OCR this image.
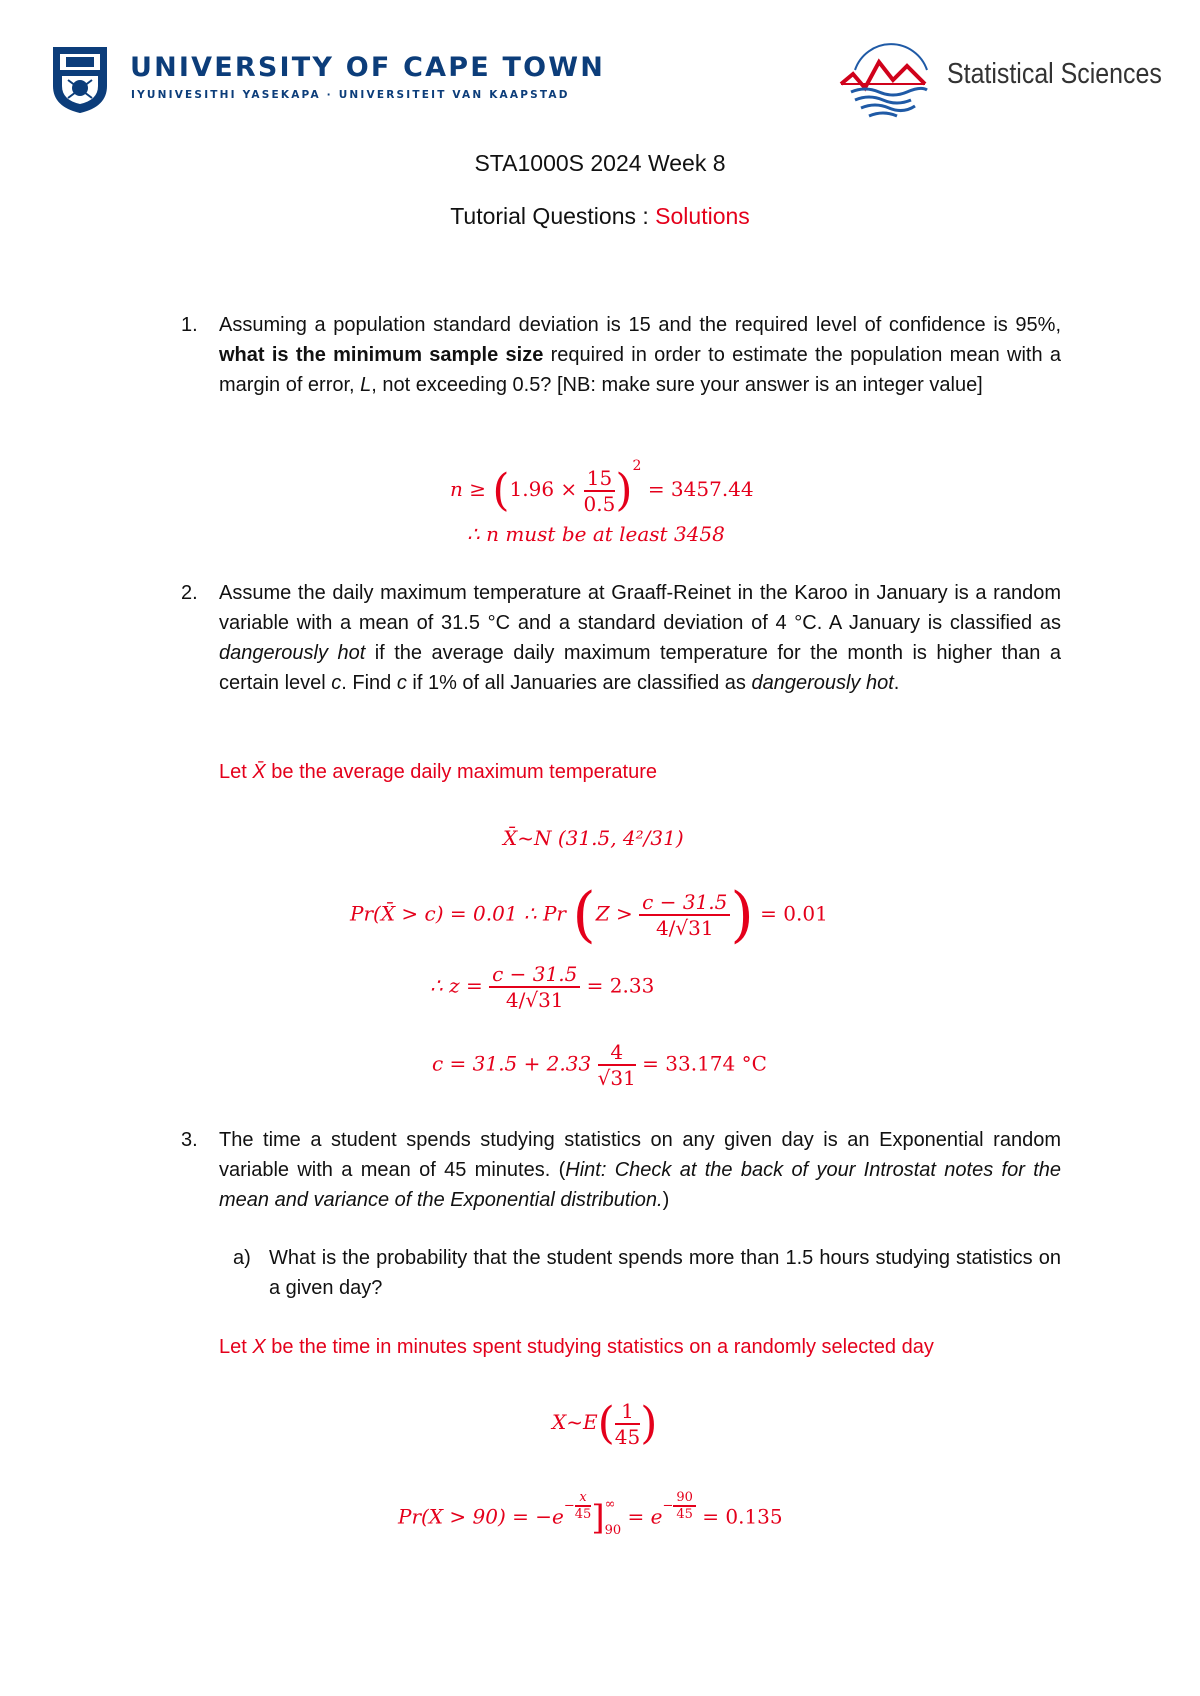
UNIVERSITY OF CAPE TOWN
IYUNIVESITHI YASEKAPA · UNIVERSITEIT VAN KAAPSTAD
Statistical Sciences
STA1000S 2024 Week 8
Tutorial Questions : Solutions
1. Assuming a population standard deviation is 15 and the required level of confidence is 95%, what is the minimum sample size required in order to estimate the population mean with a margin of error, L, not exceeding 0.5? [NB: make sure your answer is an integer value]
$n \ge (1.96 \times \frac{15}{0.5} )^2 = 3457.44$
∴ n must be at least 3458
2. Assume the daily maximum temperature at Graaff-Reinet in the Karoo in January is a random variable with a mean of 31.5 °C and a standard deviation of 4 °C. A January is classified as dangerously hot if the average daily maximum temperature for the month is higher than a certain level c. Find c if 1% of all Januaries are classified as dangerously hot.
Let X̄ be the average daily maximum temperature
X̄~N (31.5, 4²/31)
Pr(X̄ > c) = 0.01 ∴ Pr ($Z > \frac{c - 31.5}{4/√31}$ ) = 0.01
∴ $z = \frac{c - 31.5}{4/√31} = 2.33$
$c = 31.5 + 2.33 \frac{4}{√31} = 33.174$ °C
3. The time a student spends studying statistics on any given day is an Exponential random variable with a mean of 45 minutes. (Hint: Check at the back of your Introstat notes for the mean and variance of the Exponential distribution.)
a) What is the probability that the student spends more than 1.5 hours studying statistics on a given day?
Let X be the time in minutes spent studying statistics on a randomly selected day
X~E( $\frac{1}{45}$ )
$Pr(X > 90) = -e- \frac{x}{45}$ ] ∞
90
= $e- \frac{90}{45} = 0.135$
